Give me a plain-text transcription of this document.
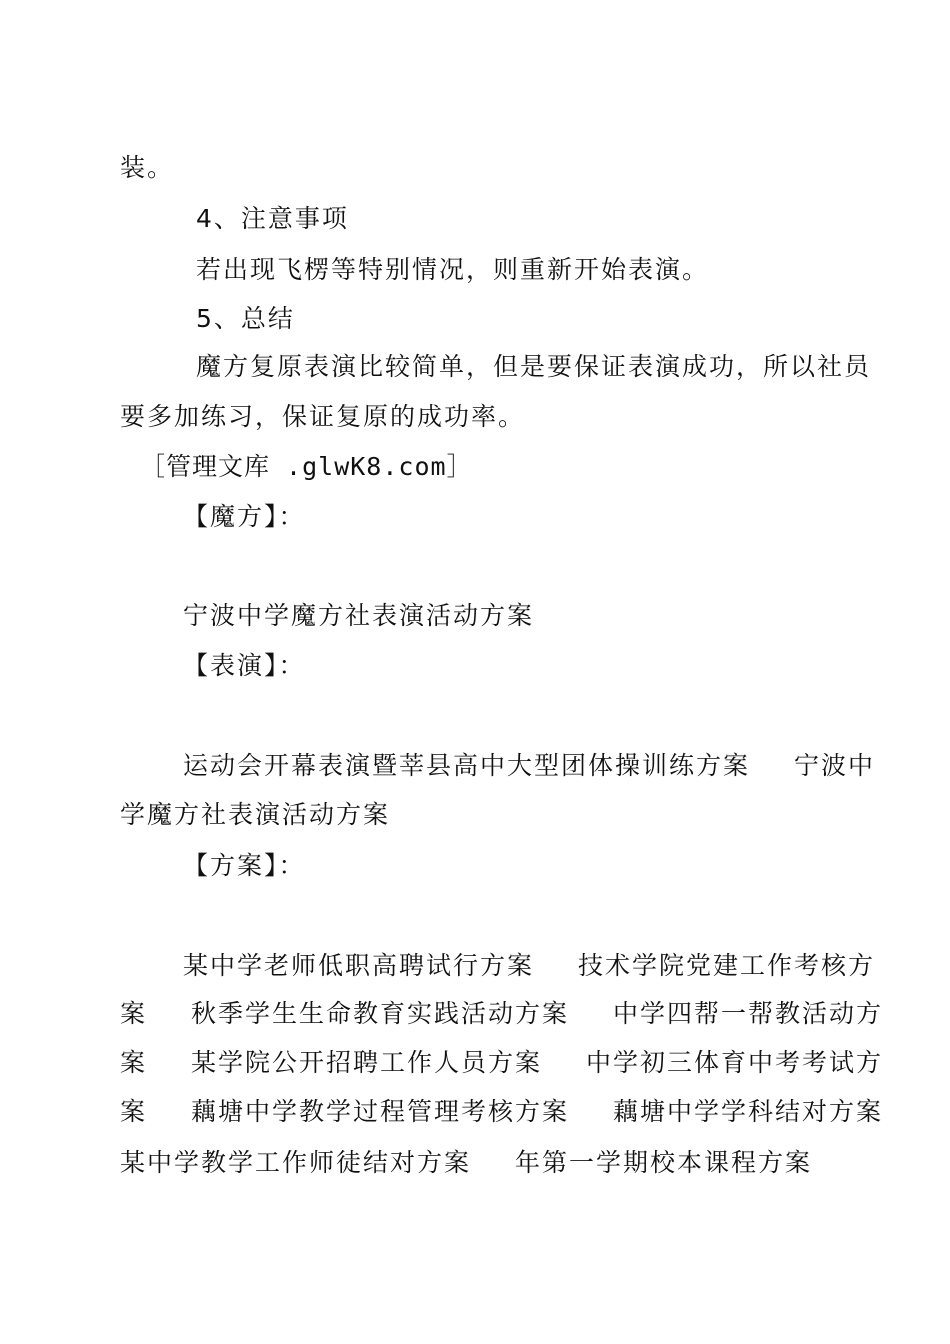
装。
4、注意事项
若出现飞楞等特别情况，则重新开始表演。
5、总结
魔方复原表演比较简单，但是要保证表演成功，所以社员
要多加练习，保证复原的成功率。
［管理文库 .glwK8.com］
【魔方】：
宁波中学魔方社表演活动方案
【表演】：
运动会开幕表演暨莘县高中大型团体操训练方案 宁波中
学魔方社表演活动方案
【方案】：
某中学老师低职高聘试行方案 技术学院党建工作考核方
案 秋季学生生命教育实践活动方案 中学四帮一帮教活动方
案 某学院公开招聘工作人员方案 中学初三体育中考考试方
案 藕塘中学教学过程管理考核方案 藕塘中学学科结对方案
某中学教学工作师徒结对方案 年第一学期校本课程方案
